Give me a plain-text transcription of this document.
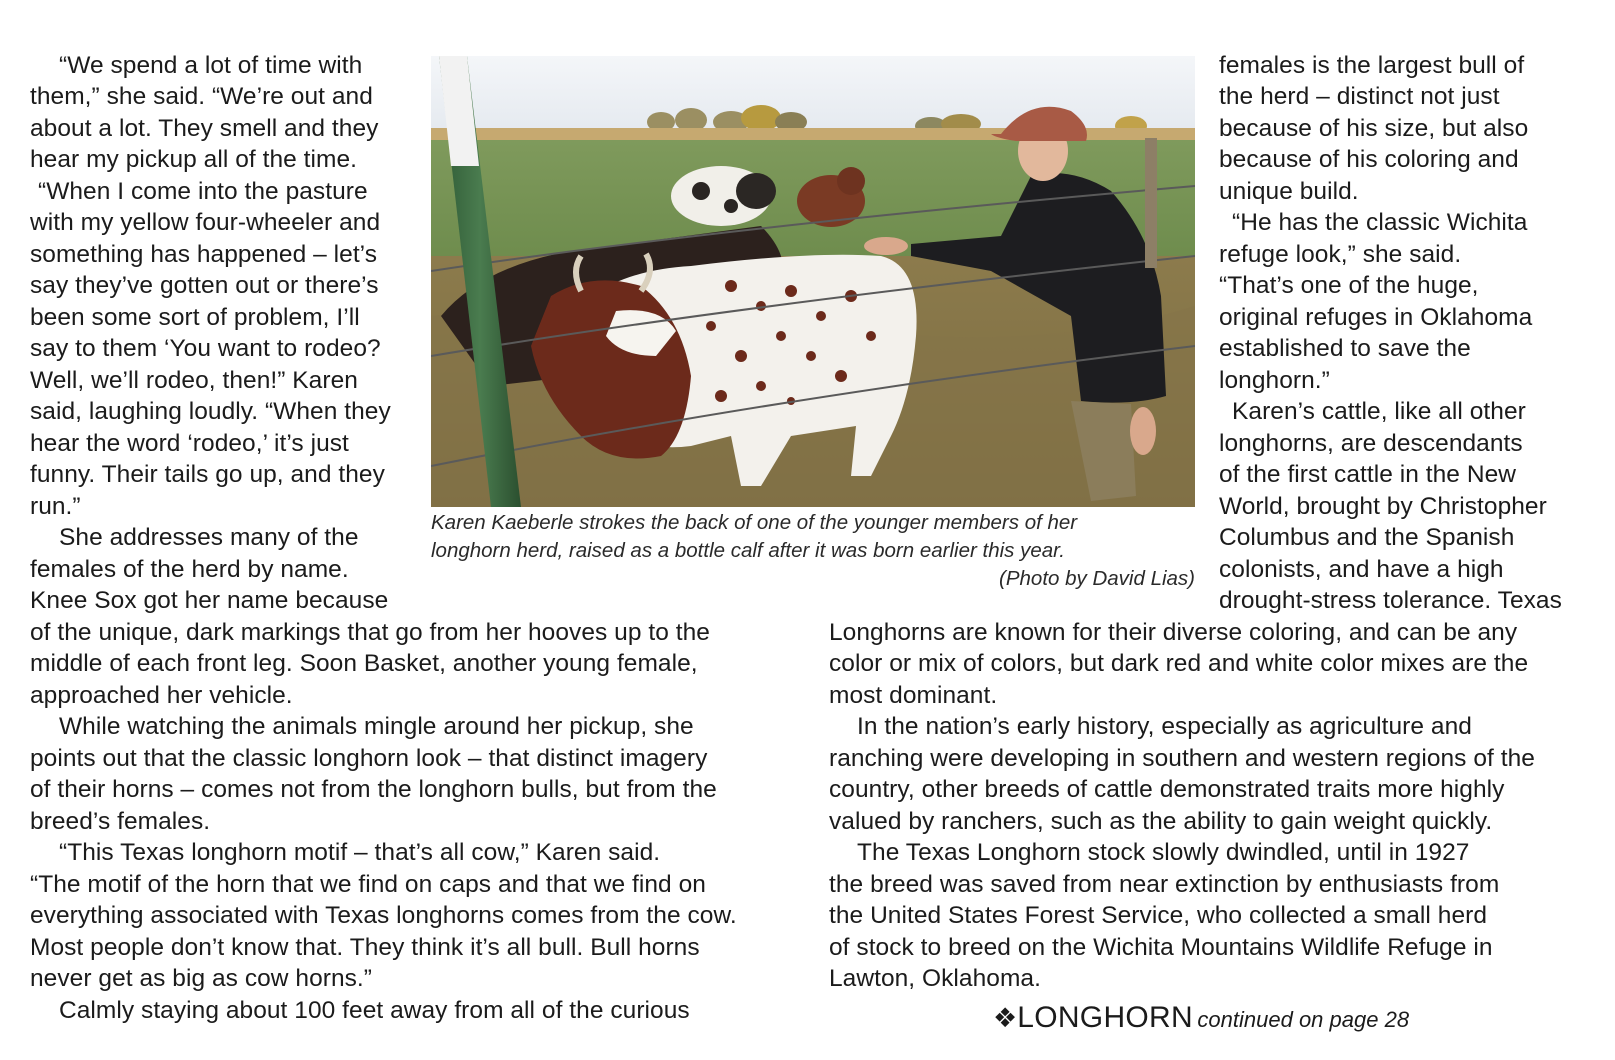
“We spend a lot of time with
them,” she said. “We’re out and
about a lot. They smell and they
hear my pickup all of the time.
“When I come into the pasture
with my yellow four-wheeler and
something has happened – let’s
say they’ve gotten out or there’s
been some sort of problem, I’ll
say to them ‘You want to rodeo?
Well, we’ll rodeo, then!” Karen
said, laughing loudly. “When they
hear the word ‘rodeo,’ it’s just
funny. Their tails go up, and they
run.”
She addresses many of the
females of the herd by name.
Knee Sox got her name because
females is the largest bull of
the herd – distinct not just
because of his size, but also
because of his coloring and
unique build.
“He has the classic Wichita
refuge look,” she said.
“That’s one of the huge,
original refuges in Oklahoma
established to save the
longhorn.”
Karen’s cattle, like all other
longhorns, are descendants
of the first cattle in the New
World, brought by Christopher
Columbus and the Spanish
colonists, and have a high
drought-stress tolerance. Texas
of the unique, dark markings that go from her hooves up to the
middle of each front leg. Soon Basket, another young female,
approached her vehicle.
While watching the animals mingle around her pickup, she
points out that the classic longhorn look – that distinct imagery
of their horns – comes not from the longhorn bulls, but from the
breed’s females.
“This Texas longhorn motif – that’s all cow,” Karen said.
“The motif of the horn that we find on caps and that we find on
everything associated with Texas longhorns comes from the cow.
Most people don’t know that. They think it’s all bull. Bull horns
never get as big as cow horns.”
Calmly staying about 100 feet away from all of the curious
Longhorns are known for their diverse coloring, and can be any
color or mix of colors, but dark red and white color mixes are the
most dominant.
In the nation’s early history, especially as agriculture and
ranching were developing in southern and western regions of the
country, other breeds of cattle demonstrated traits more highly
valued by ranchers, such as the ability to gain weight quickly.
The Texas Longhorn stock slowly dwindled, until in 1927
the breed was saved from near extinction by enthusiasts from
the United States Forest Service, who collected a small herd
of stock to breed on the Wichita Mountains Wildlife Refuge in
Lawton, Oklahoma.
Karen Kaeberle strokes the back of one of the younger members of her
longhorn herd, raised as a bottle calf after it was born earlier this year.
(Photo by David Lias)
❖LONGHORN continued on page 28
